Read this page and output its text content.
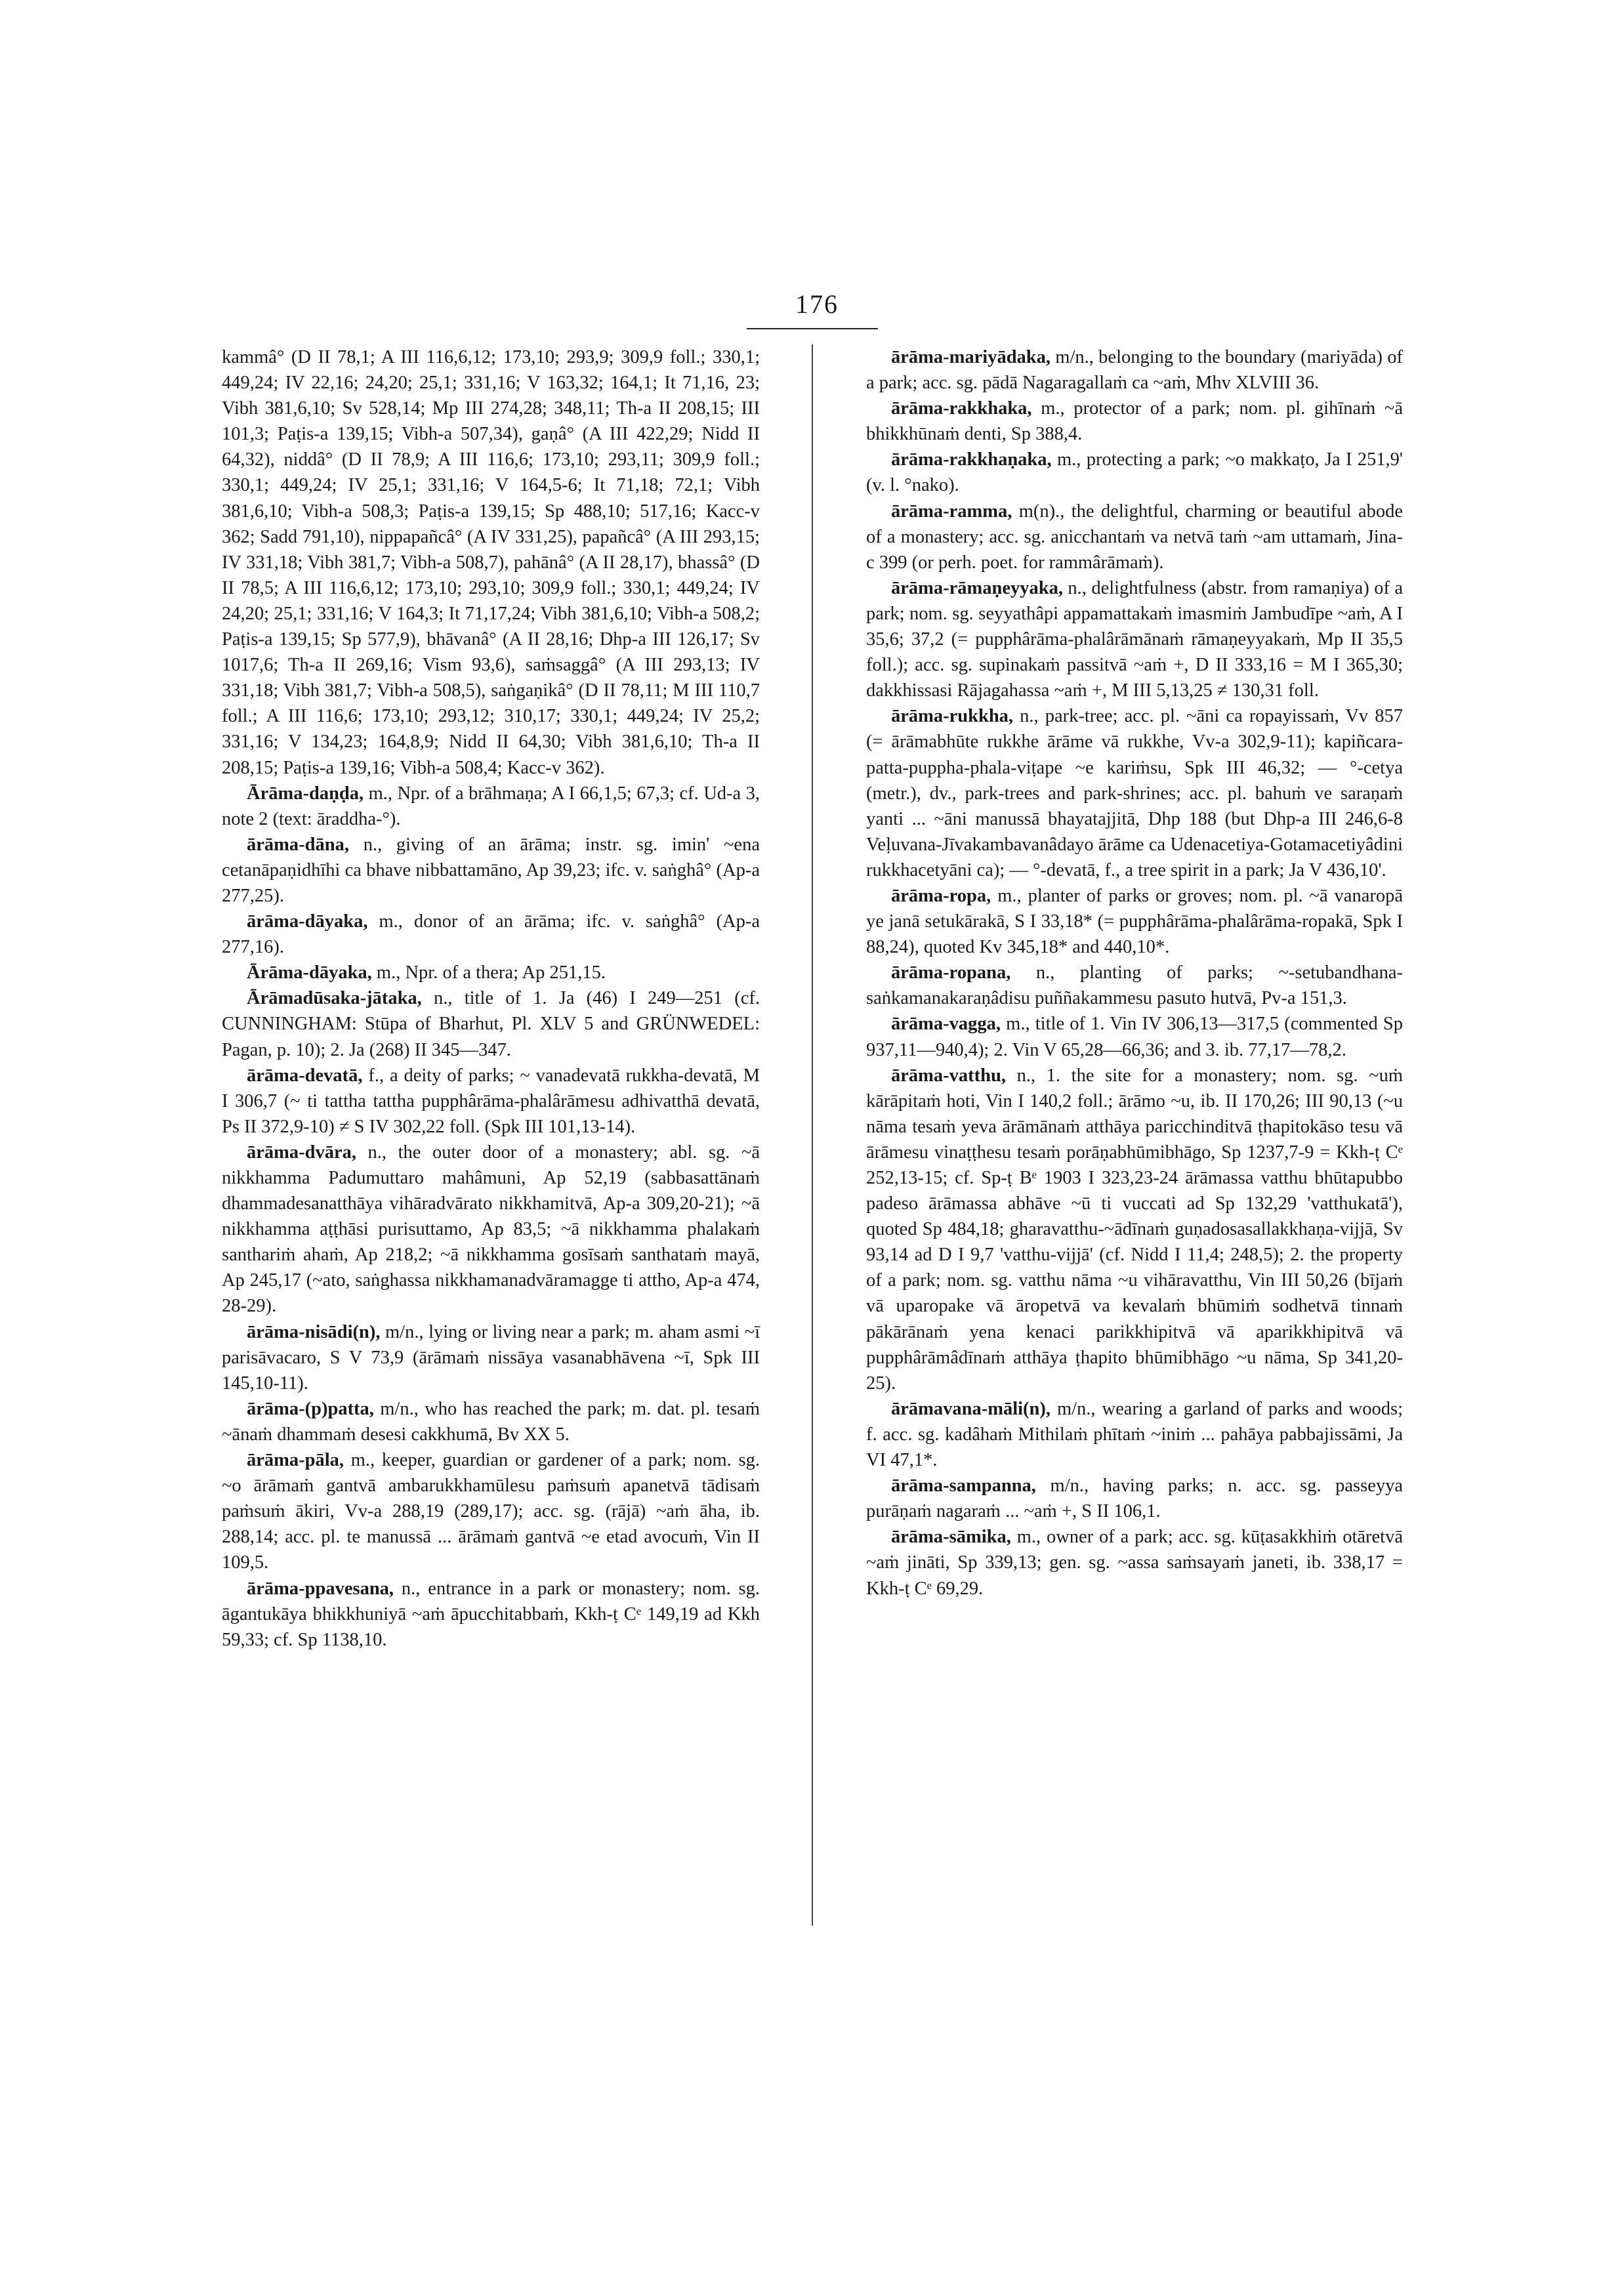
176

kammâ° (D II 78,1; A III 116,6,12; 173,10; 293,9; 309,9 foll.; 330,1; 449,24; IV 22,16; 24,20; 25,1; 331,16; V 163,32; 164,1; It 71,16, 23; Vibh 381,6,10; Sv 528,14; Mp III 274,28; 348,11; Th-a II 208,15; III 101,3; Paṭis-a 139,15; Vibh-a 507,34), gaṇâ° (A III 422,29; Nidd II 64,32), niddâ° (D II 78,9; A III 116,6; 173,10; 293,11; 309,9 foll.; 330,1; 449,24; IV 25,1; 331,16; V 164,5-6; It 71,18; 72,1; Vibh 381,6,10; Vibh-a 508,3; Paṭis-a 139,15; Sp 488,10; 517,16; Kacc-v 362; Sadd 791,10), nippapañcâ° (A IV 331,25), papañcâ° (A III 293,15; IV 331,18; Vibh 381,7; Vibh-a 508,7), pahānâ° (A II 28,17), bhassâ° (D II 78,5; A III 116,6,12; 173,10; 293,10; 309,9 foll.; 330,1; 449,24; IV 24,20; 25,1; 331,16; V 164,3; It 71,17,24; Vibh 381,6,10; Vibh-a 508,2; Paṭis-a 139,15; Sp 577,9), bhāvanâ° (A II 28,16; Dhp-a III 126,17; Sv 1017,6; Th-a II 269,16; Vism 93,6), saṁsaggâ° (A III 293,13; IV 331,18; Vibh 381,7; Vibh-a 508,5), saṅgaṇikâ° (D II 78,11; M III 110,7 foll.; A III 116,6; 173,10; 293,12; 310,17; 330,1; 449,24; IV 25,2; 331,16; V 134,23; 164,8,9; Nidd II 64,30; Vibh 381,6,10; Th-a II 208,15; Paṭis-a 139,16; Vibh-a 508,4; Kacc-v 362).

Ārāma-daṇḍa, m., Npr. of a brāhmaṇa; A I 66,1,5; 67,3; cf. Ud-a 3, note 2 (text: āraddha-°).

ārāma-dāna, n., giving of an ārāma; instr. sg. imin' ~ena cetanāpaṇidhīhi ca bhave nibbattamāno, Ap 39,23; ifc. v. saṅghâ° (Ap-a 277,25).

ārāma-dāyaka, m., donor of an ārāma; ifc. v. saṅghâ° (Ap-a 277,16).

Ārāma-dāyaka, m., Npr. of a thera; Ap 251,15.

Ārāmadūsaka-jātaka, n., title of 1. Ja (46) I 249—251 (cf. CUNNINGHAM: Stūpa of Bharhut, Pl. XLV 5 and GRÜNWEDEL: Pagan, p. 10); 2. Ja (268) II 345—347.

ārāma-devatā, f., a deity of parks; ~ vanadevatā rukkha-devatā, M I 306,7 (~ ti tattha tattha pupphârāma-phalârāmesu adhivatthā devatā, Ps II 372,9-10) ≠ S IV 302,22 foll. (Spk III 101,13-14).

ārāma-dvāra, n., the outer door of a monastery; abl. sg. ~ā nikkhamma Padumuttaro mahâmuni, Ap 52,19 (sabbasattānaṁ dhammadesanatthāya vihāradvārato nikkhamitvā, Ap-a 309,20-21); ~ā nikkhamma aṭṭhāsi purisuttamo, Ap 83,5; ~ā nikkhamma phalakaṁ santhariṁ ahaṁ, Ap 218,2; ~ā nikkhamma gosīsaṁ santhataṁ mayā, Ap 245,17 (~ato, saṅghassa nikkhamanadvāramagge ti attho, Ap-a 474, 28-29).

ārāma-nisādi(n), m/n., lying or living near a park; m. aham asmi ~ī parisāvacaro, S V 73,9 (ārāmaṁ nissāya vasanabhāvena ~ī, Spk III 145,10-11).

ārāma-(p)patta, m/n., who has reached the park; m. dat. pl. tesaṁ ~ānaṁ dhammaṁ desesi cakkhumā, Bv XX 5.

ārāma-pāla, m., keeper, guardian or gardener of a park; nom. sg. ~o ārāmaṁ gantvā ambarukkhamūlesu paṁsuṁ apanetvā tādisaṁ paṁsuṁ ākiri, Vv-a 288,19 (289,17); acc. sg. (rājā) ~aṁ āha, ib. 288,14; acc. pl. te manussā ... ārāmaṁ gantvā ~e etad avocuṁ, Vin II 109,5.

ārāma-ppavesana, n., entrance in a park or monastery; nom. sg. āgantukāya bhikkhuniyā ~aṁ āpucchitabbaṁ, Kkh-ṭ Cᵉ 149,19 ad Kkh 59,33; cf. Sp 1138,10.

ārāma-mariyādaka, m/n., belonging to the boundary (mariyāda) of a park; acc. sg. pādā Nagaragallaṁ ca ~aṁ, Mhv XLVIII 36.

ārāma-rakkhaka, m., protector of a park; nom. pl. gihīnaṁ ~ā bhikkhūnaṁ denti, Sp 388,4.

ārāma-rakkhaṇaka, m., protecting a park; ~o makkaṭo, Ja I 251,9' (v. l. °nako).

ārāma-ramma, m(n)., the delightful, charming or beautiful abode of a monastery; acc. sg. anicchantaṁ va netvā taṁ ~am uttamaṁ, Jina-c 399 (or perh. poet. for rammârāmaṁ).

ārāma-rāmaṇeyyaka, n., delightfulness (abstr. from ramaṇiya) of a park; nom. sg. seyyathâpi appamattakaṁ imasmiṁ Jambudīpe ~aṁ, A I 35,6; 37,2 (= pupphârāma-phalârāmānaṁ rāmaṇeyyakaṁ, Mp II 35,5 foll.); acc. sg. supinakaṁ passitvā ~aṁ +, D II 333,16 = M I 365,30; dakkhissasi Rājagahassa ~aṁ +, M III 5,13,25 ≠ 130,31 foll.

ārāma-rukkha, n., park-tree; acc. pl. ~āni ca ropayissaṁ, Vv 857 (= ārāmabhūte rukkhe ārāme vā rukkhe, Vv-a 302,9-11); kapiñcara-patta-puppha-phala-viṭape ~e kariṁsu, Spk III 46,32; — °-cetya (metr.), dv., park-trees and park-shrines; acc. pl. bahuṁ ve saraṇaṁ yanti ... ~āni manussā bhayatajjitā, Dhp 188 (but Dhp-a III 246,6-8 Veḷuvana-Jīvakambavanâdayo ārāme ca Udenacetiya-Gotamacetiyâdini rukkhacetyāni ca); — °-devatā, f., a tree spirit in a park; Ja V 436,10'.

ārāma-ropa, m., planter of parks or groves; nom. pl. ~ā vanaropā ye janā setukārakā, S I 33,18* (= pupphârāma-phalârāma-ropakā, Spk I 88,24), quoted Kv 345,18* and 440,10*.

ārāma-ropana, n., planting of parks; ~-setubandhana-saṅkamanakaraṇâdisu puññakammesu pasuto hutvā, Pv-a 151,3.

ārāma-vagga, m., title of 1. Vin IV 306,13—317,5 (commented Sp 937,11—940,4); 2. Vin V 65,28—66,36; and 3. ib. 77,17—78,2.

ārāma-vatthu, n., 1. the site for a monastery; nom. sg. ~uṁ kārāpitaṁ hoti, Vin I 140,2 foll.; ārāmo ~u, ib. II 170,26; III 90,13 (~u nāma tesaṁ yeva ārāmānaṁ atthāya paricchinditvā ṭhapitokāso tesu vā ārāmesu vinaṭṭhesu tesaṁ porāṇabhūmibhāgo, Sp 1237,7-9 = Kkh-ṭ Cᵉ 252,13-15; cf. Sp-ṭ Bᵉ 1903 I 323,23-24 ārāmassa vatthu bhūtapubbo padeso ārāmassa abhāve ~ū ti vuccati ad Sp 132,29 'vatthukatā'), quoted Sp 484,18; gharavatthu-~ādīnaṁ guṇadosasallakkhaṇa-vijjā, Sv 93,14 ad D I 9,7 'vatthu-vijjā' (cf. Nidd I 11,4; 248,5); 2. the property of a park; nom. sg. vatthu nāma ~u vihāravatthu, Vin III 50,26 (bījaṁ vā uparopake vā āropetvā va kevalaṁ bhūmiṁ sodhetvā tinnaṁ pākārānaṁ yena kenaci parikkhipitvā vā aparikkhipitvā vā pupphârāmâdīnaṁ atthāya ṭhapito bhūmibhāgo ~u nāma, Sp 341,20-25).

ārāmavana-māli(n), m/n., wearing a garland of parks and woods; f. acc. sg. kadâhaṁ Mithilaṁ phītaṁ ~iniṁ ... pahāya pabbajissāmi, Ja VI 47,1*.

ārāma-sampanna, m/n., having parks; n. acc. sg. passeyya purāṇaṁ nagaraṁ ... ~aṁ +, S II 106,1.

ārāma-sāmika, m., owner of a park; acc. sg. kūṭasakkhiṁ otāretvā ~aṁ jināti, Sp 339,13; gen. sg. ~assa saṁsayaṁ janeti, ib. 338,17 = Kkh-ṭ Cᵉ 69,29.
